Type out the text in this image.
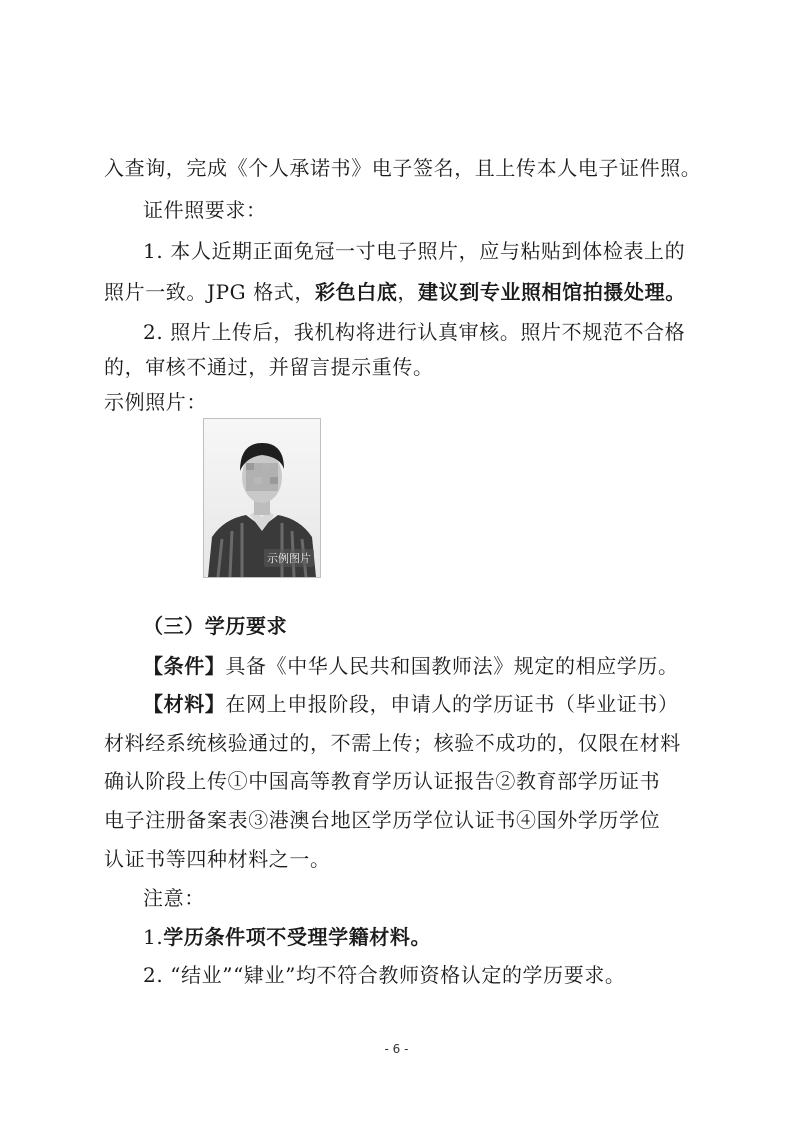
入查询，完成《个人承诺书》电子签名，且上传本人电子证件照。
证件照要求：
1. 本人近期正面免冠一寸电子照片，应与粘贴到体检表上的
照片一致。JPG 格式，彩色白底，建议到专业照相馆拍摄处理。
2. 照片上传后，我机构将进行认真审核。照片不规范不合格
的，审核不通过，并留言提示重传。
示例照片：
示例图片
（三）学历要求
【条件】具备《中华人民共和国教师法》规定的相应学历。
【材料】在网上申报阶段，申请人的学历证书（毕业证书）
材料经系统核验通过的，不需上传；核验不成功的，仅限在材料
确认阶段上传①中国高等教育学历认证报告②教育部学历证书
电子注册备案表③港澳台地区学历学位认证书④国外学历学位
认证书等四种材料之一。
注意：
1.学历条件项不受理学籍材料。
2. “结业”“肄业”均不符合教师资格认定的学历要求。
- 6 -
